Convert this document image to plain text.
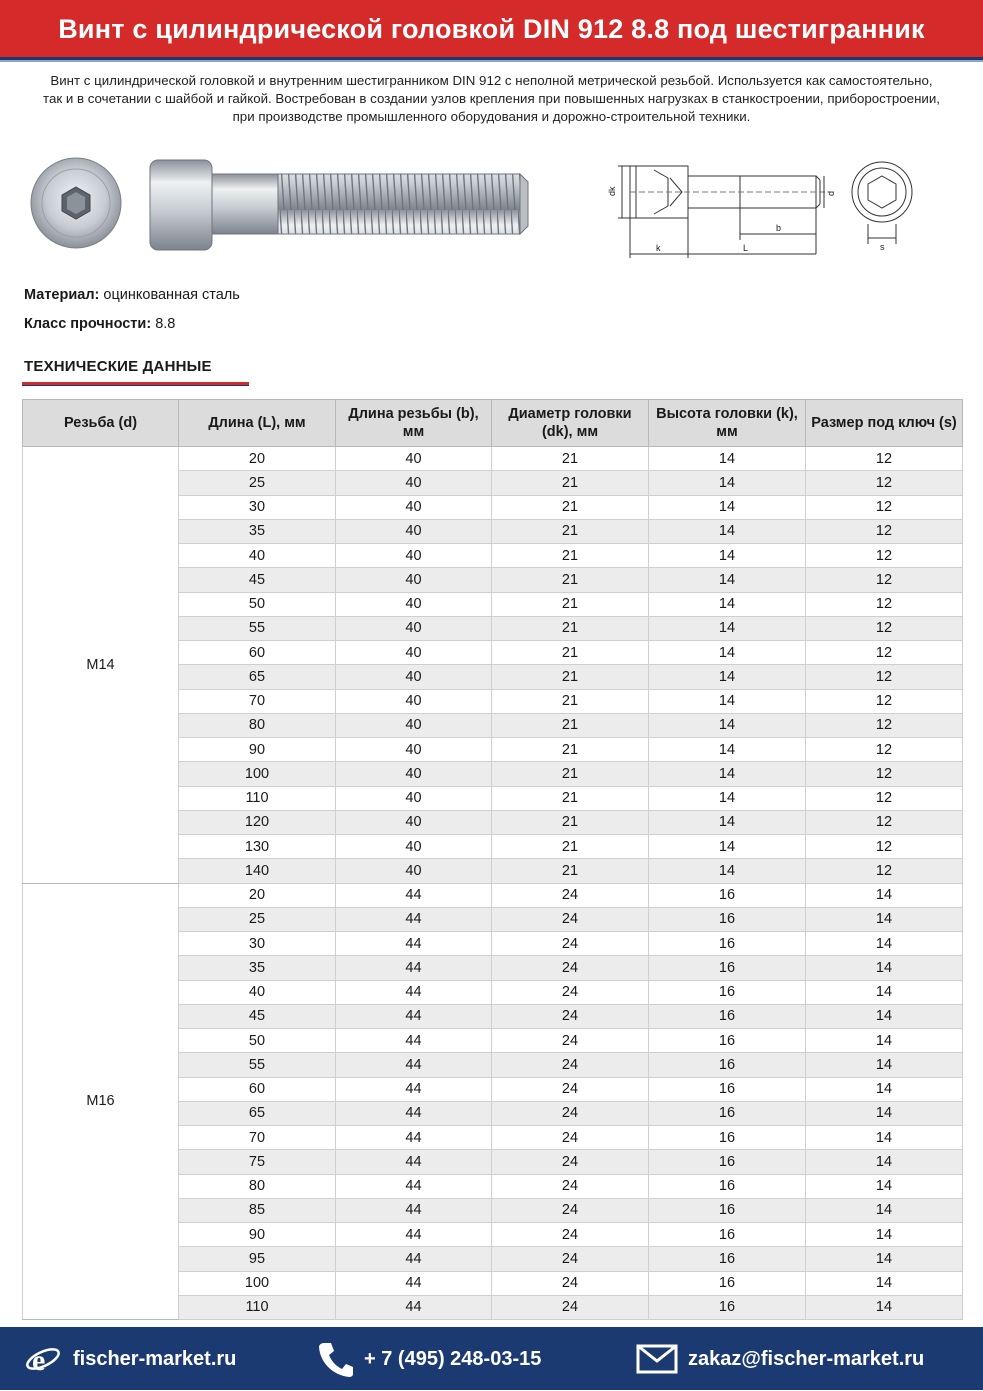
Винт с цилиндрической головкой DIN 912 8.8 под шестигранник
Винт с цилиндрической головкой и внутренним шестигранником DIN 912 с неполной метрической резьбой. Используется как самостоятельно, так и в сочетании с шайбой и гайкой. Востребован в создании узлов крепления при повышенных нагрузках в станкостроении, приборостроении, при производстве промышленного оборудования и дорожно-строительной техники.
dk	d
b
k	L	s
Материал: оцинкованная сталь
Класс прочности: 8.8
ТЕХНИЧЕСКИЕ ДАННЫЕ
Резьба (d)	Длина (L), мм	Длина резьбы (b), мм	Диаметр головки (dk), мм	Высота головки (k), мм	Размер под ключ (s)
M14	20	40	21	14	12
	25	40	21	14	12
	30	40	21	14	12
	35	40	21	14	12
	40	40	21	14	12
	45	40	21	14	12
	50	40	21	14	12
	55	40	21	14	12
	60	40	21	14	12
	65	40	21	14	12
	70	40	21	14	12
	80	40	21	14	12
	90	40	21	14	12
	100	40	21	14	12
	110	40	21	14	12
	120	40	21	14	12
	130	40	21	14	12
	140	40	21	14	12
M16	20	44	24	16	14
	25	44	24	16	14
	30	44	24	16	14
	35	44	24	16	14
	40	44	24	16	14
	45	44	24	16	14
	50	44	24	16	14
	55	44	24	16	14
	60	44	24	16	14
	65	44	24	16	14
	70	44	24	16	14
	75	44	24	16	14
	80	44	24	16	14
	85	44	24	16	14
	90	44	24	16	14
	95	44	24	16	14
	100	44	24	16	14
	110	44	24	16	14
e fischer-market.ru	+ 7 (495) 248-03-15	zakaz@fischer-market.ru
